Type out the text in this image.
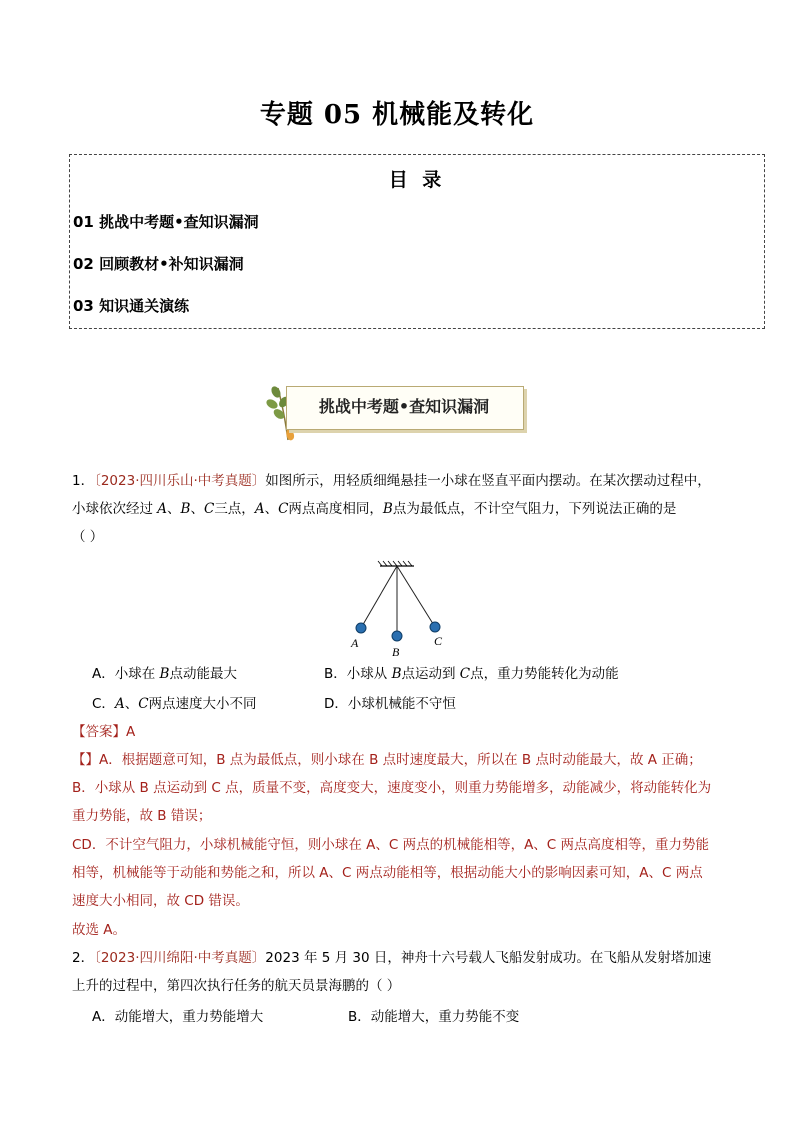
专题 05 机械能及转化
目 录
01 挑战中考题•查知识漏洞
02 回顾教材•补知识漏洞
03 知识通关演练
挑战中考题•查知识漏洞
1．〔2023·四川乐山·中考真题〕如图所示，用轻质细绳悬挂一小球在竖直平面内摆动。在某次摆动过程中，
小球依次经过 A、B、C三点，A、C两点高度相同，B点为最低点，不计空气阻力，下列说法正确的是
（ ）
A
B
C
A．小球在 B点动能最大	B．小球从 B点运动到 C点，重力势能转化为动能
C．A、C两点速度大小不同	D．小球机械能不守恒
【答案】A
【】A．根据题意可知，B 点为最低点，则小球在 B 点时速度最大，所以在 B 点时动能最大，故 A 正确；
B．小球从 B 点运动到 C 点，质量不变，高度变大，速度变小，则重力势能增多，动能减少，将动能转化为
重力势能，故 B 错误；
CD．不计空气阻力，小球机械能守恒，则小球在 A、C 两点的机械能相等，A、C 两点高度相等，重力势能
相等，机械能等于动能和势能之和，所以 A、C 两点动能相等，根据动能大小的影响因素可知，A、C 两点
速度大小相同，故 CD 错误。
故选 A。
2．〔2023·四川绵阳·中考真题〕2023 年 5 月 30 日，神舟十六号载人飞船发射成功。在飞船从发射塔加速
上升的过程中，第四次执行任务的航天员景海鹏的（ ）
A．动能增大，重力势能增大	B．动能增大，重力势能不变
